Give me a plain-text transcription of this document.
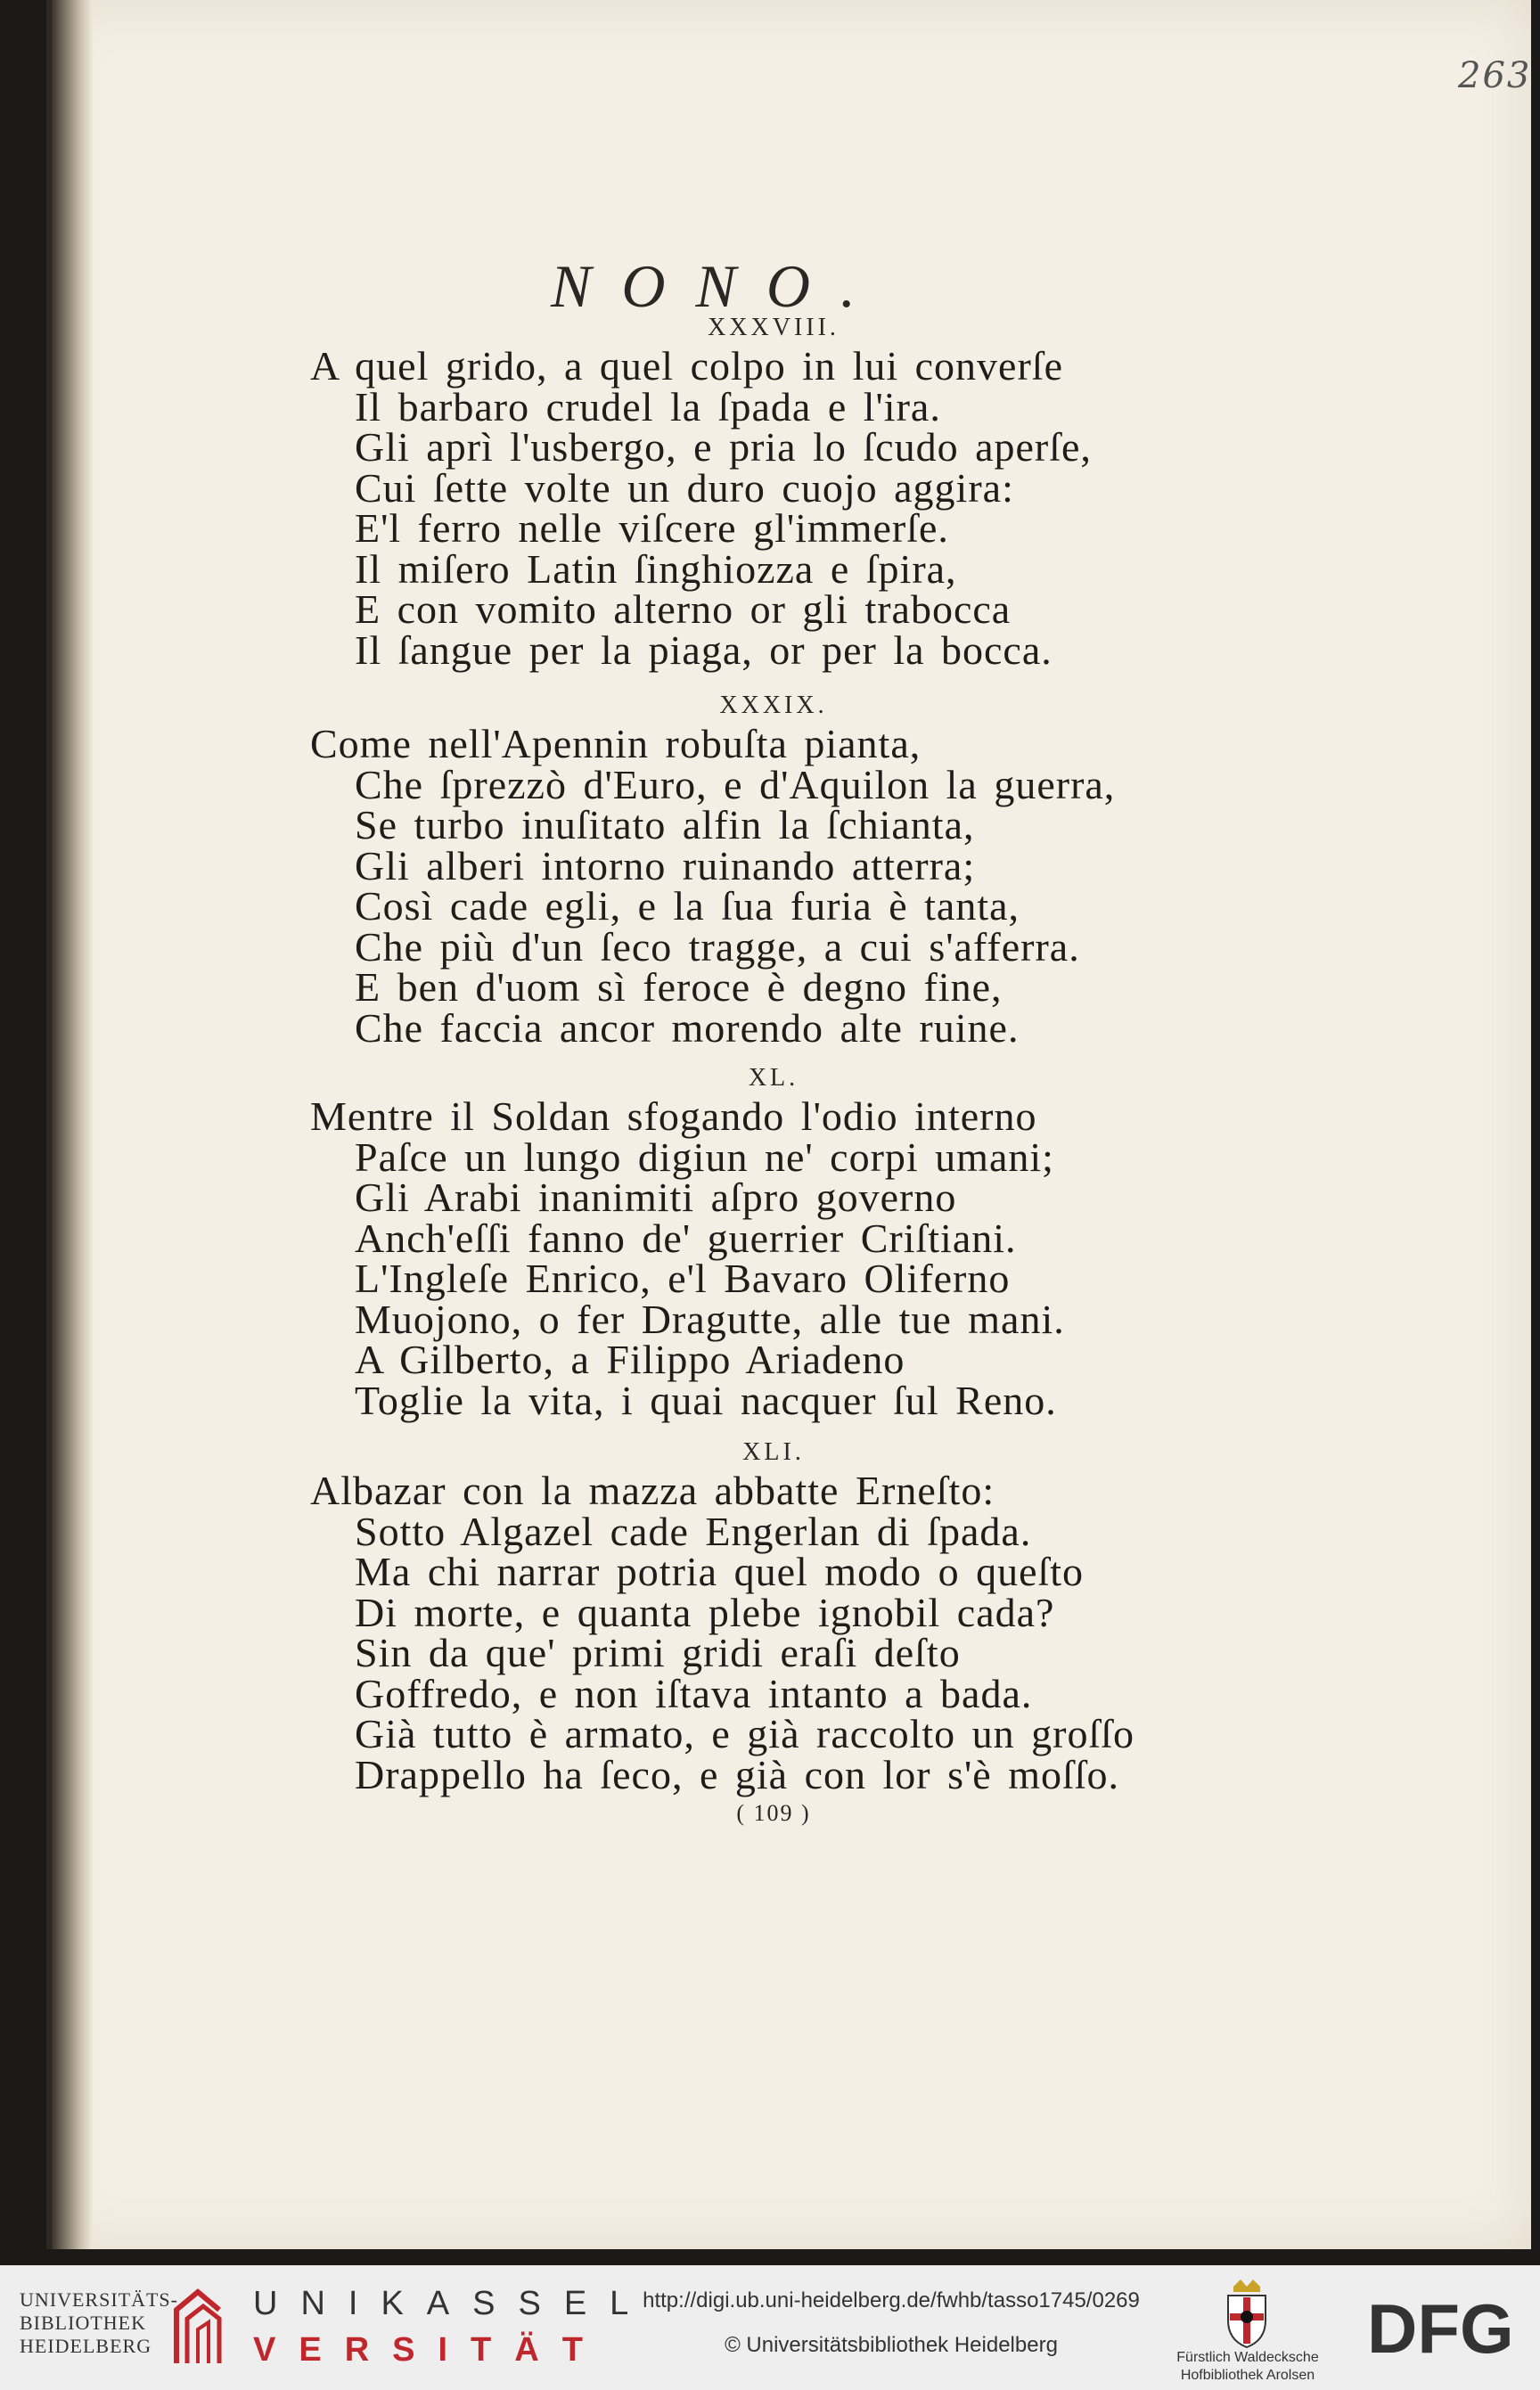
263
NONO.
XXXVIII.
A quel grido, a quel colpo in lui converſe
Il barbaro crudel la ſpada e l'ira.
Gli aprì l'usbergo, e pria lo ſcudo aperſe,
Cui ſette volte un duro cuojo aggira:
E'l ferro nelle viſcere gl'immerſe.
Il miſero Latin ſinghiozza e ſpira,
E con vomito alterno or gli trabocca
Il ſangue per la piaga, or per la bocca.
XXXIX.
Come nell'Apennin robuſta pianta,
Che ſprezzò d'Euro, e d'Aquilon la guerra,
Se turbo inuſitato alfin la ſchianta,
Gli alberi intorno ruinando atterra;
Così cade egli, e la ſua furia è tanta,
Che più d'un ſeco tragge, a cui s'afferra.
E ben d'uom sì feroce è degno fine,
Che faccia ancor morendo alte ruine.
XL.
Mentre il Soldan sfogando l'odio interno
Paſce un lungo digiun ne' corpi umani;
Gli Arabi inanimiti aſpro governo
Anch'eſſi fanno de' guerrier Criſtiani.
L'Ingleſe Enrico, e'l Bavaro Oliferno
Muojono, o fer Dragutte, alle tue mani.
A Gilberto, a Filippo Ariadeno
Toglie la vita, i quai nacquer ſul Reno.
XLI.
Albazar con la mazza abbatte Erneſto:
Sotto Algazel cade Engerlan di ſpada.
Ma chi narrar potria quel modo o queſto
Di morte, e quanta plebe ignobil cada?
Sin da que' primi gridi eraſi deſto
Goffredo, e non iſtava intanto a bada.
Già tutto è armato, e già raccolto un groſſo
Drappello ha ſeco, e già con lor s'è moſſo.
( 109 )
UNIVERSITÄTS-
BIBLIOTHEK
HEIDELBERG
UNIKASSEL
VERSITÄT
http://digi.ub.uni-heidelberg.de/fwhb/tasso1745/0269
© Universitätsbibliothek Heidelberg
Fürstlich Waldecksche
Hofbibliothek Arolsen
DFG
